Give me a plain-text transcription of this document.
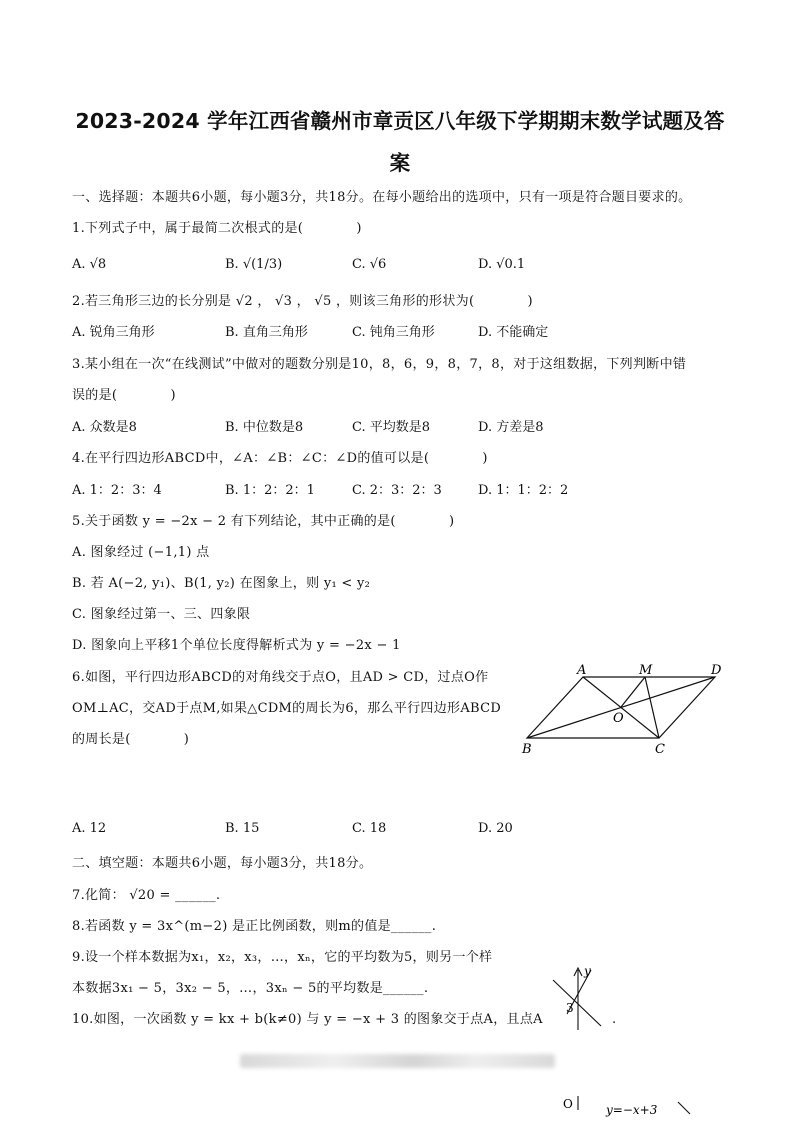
2023-2024 学年江西省赣州市章贡区八年级下学期期末数学试题及答
案
一、选择题：本题共6小题，每小题3分，共18分。在每小题给出的选项中，只有一项是符合题目要求的。
1.下列式子中，属于最简二次根式的是(　　　　)
A. √8	B. √(1/3)	C. √6	D. √0.1
2.若三角形三边的长分别是 √2 ， √3 ， √5 ，则该三角形的形状为(　　　　)
A. 锐角三角形	B. 直角三角形	C. 钝角三角形	D. 不能确定
3.某小组在一次“在线测试”中做对的题数分别是10，8，6，9，8，7，8，对于这组数据，下列判断中错
误的是(　　　　)
A. 众数是8	B. 中位数是8	C. 平均数是8	D. 方差是8
4.在平行四边形ABCD中，∠A：∠B：∠C：∠D的值可以是(　　　　)
A. 1：2：3：4	B. 1：2：2：1	C. 2：3：2：3	D. 1：1：2：2
5.关于函数 y = −2x − 2 有下列结论，其中正确的是(　　　　)
A. 图象经过 (−1,1) 点
B. 若 A(−2, y₁)、B(1, y₂) 在图象上，则 y₁ < y₂
C. 图象经过第一、三、四象限
D. 图象向上平移1个单位长度得解析式为 y = −2x − 1
6.如图，平行四边形ABCD的对角线交于点O，且AD > CD，过点O作
OM⊥AC，交AD于点M,如果△CDM的周长为6，那么平行四边形ABCD
的周长是(　　　　)
A	M	D
O
B	C
A. 12	B. 15	C. 18	D. 20
二、填空题：本题共6小题，每小题3分，共18分。
7.化简： √20 = ______.
8.若函数 y = 3x^(m−2) 是正比例函数，则m的值是______.
9.设一个样本数据为x₁，x₂，x₃，…，xₙ，它的平均数为5，则另一个样
本数据3x₁ − 5，3x₂ − 5，…，3xₙ − 5的平均数是______.
10.如图，一次函数 y = kx + b(k≠0) 与 y = −x + 3 的图象交于点A，且点A	.
y
3
O	y=−x+3
